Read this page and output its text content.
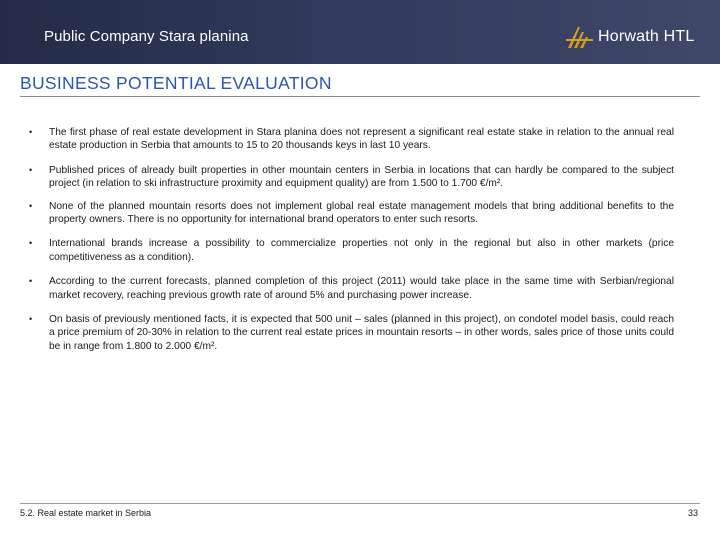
Public Company Stara planina	Horwath HTL
BUSINESS POTENTIAL EVALUATION
• The first phase of real estate development in Stara planina does not represent a significant real estate stake in relation to the annual real estate production in Serbia that amounts to 15 to 20 thousands keys in last 10 years.
• Published prices of already built properties in other mountain centers in Serbia in locations that can hardly be compared to the subject project (in relation to ski infrastructure proximity and equipment quality) are from 1.500 to 1.700 €/m².
• None of the planned mountain resorts does not implement global real estate management models that bring additional benefits to the property owners. There is no opportunity for international brand operators to enter such resorts.
• International brands increase a possibility to commercialize properties not only in the regional but also in other markets (price competitiveness as a condition).
• According to the current forecasts, planned completion of this project (2011) would take place in the same time with Serbian/regional market recovery, reaching previous growth rate of around 5% and purchasing power increase.
• On basis of previously mentioned facts, it is expected that 500 unit – sales (planned in this project), on condotel model basis, could reach a price premium of 20-30% in relation to the current real estate prices in mountain resorts – in other words, sales price of those units could be in range from 1.800 to 2.000 €/m².
5.2. Real estate market in Serbia	33
